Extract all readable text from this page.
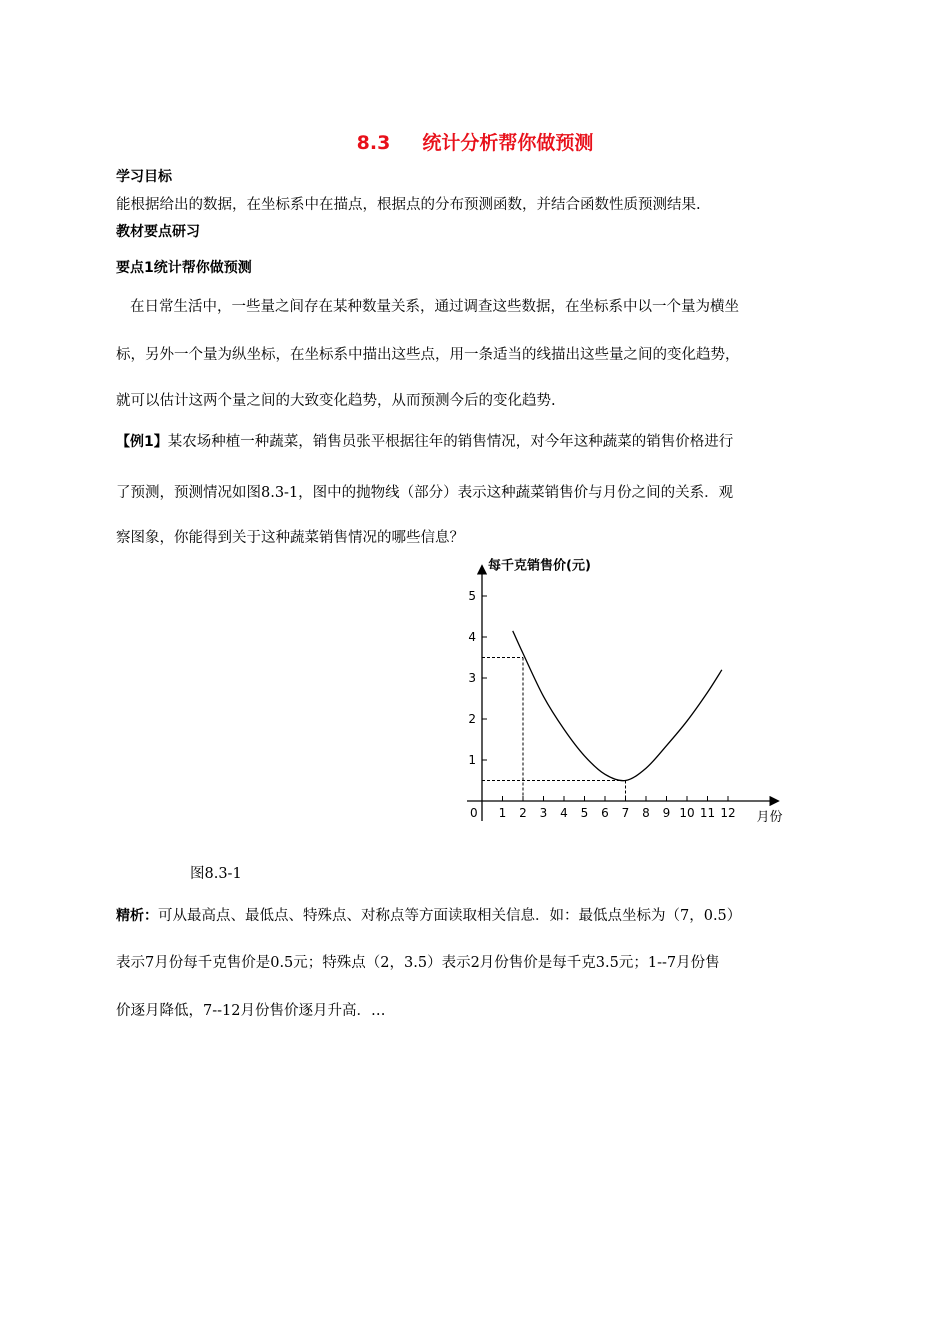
8.3 统计分析帮你做预测
学习目标
能根据给出的数据，在坐标系中在描点，根据点的分布预测函数，并结合函数性质预测结果.
教材要点研习
要点1统计帮你做预测
在日常生活中，一些量之间存在某种数量关系，通过调查这些数据，在坐标系中以一个量为横坐
标，另外一个量为纵坐标，在坐标系中描出这些点，用一条适当的线描出这些量之间的变化趋势，
就可以估计这两个量之间的大致变化趋势，从而预测今后的变化趋势.
【例1】某农场种植一种蔬菜，销售员张平根据往年的销售情况，对今年这种蔬菜的销售价格进行
了预测，预测情况如图8.3-1，图中的抛物线（部分）表示这种蔬菜销售价与月份之间的关系．观
察图象，你能得到关于这种蔬菜销售情况的哪些信息？
1 2 3 4 5 6 7 8 9 10 11 12
1
2
3
4
5
每千克销售价(元)
月份
0
图8.3-1
精析：可从最高点、最低点、特殊点、对称点等方面读取相关信息．如：最低点坐标为（7，0.5）
表示7月份每千克售价是0.5元；特殊点（2，3.5）表示2月份售价是每千克3.5元；1--7月份售
价逐月降低，7--12月份售价逐月升高．…
